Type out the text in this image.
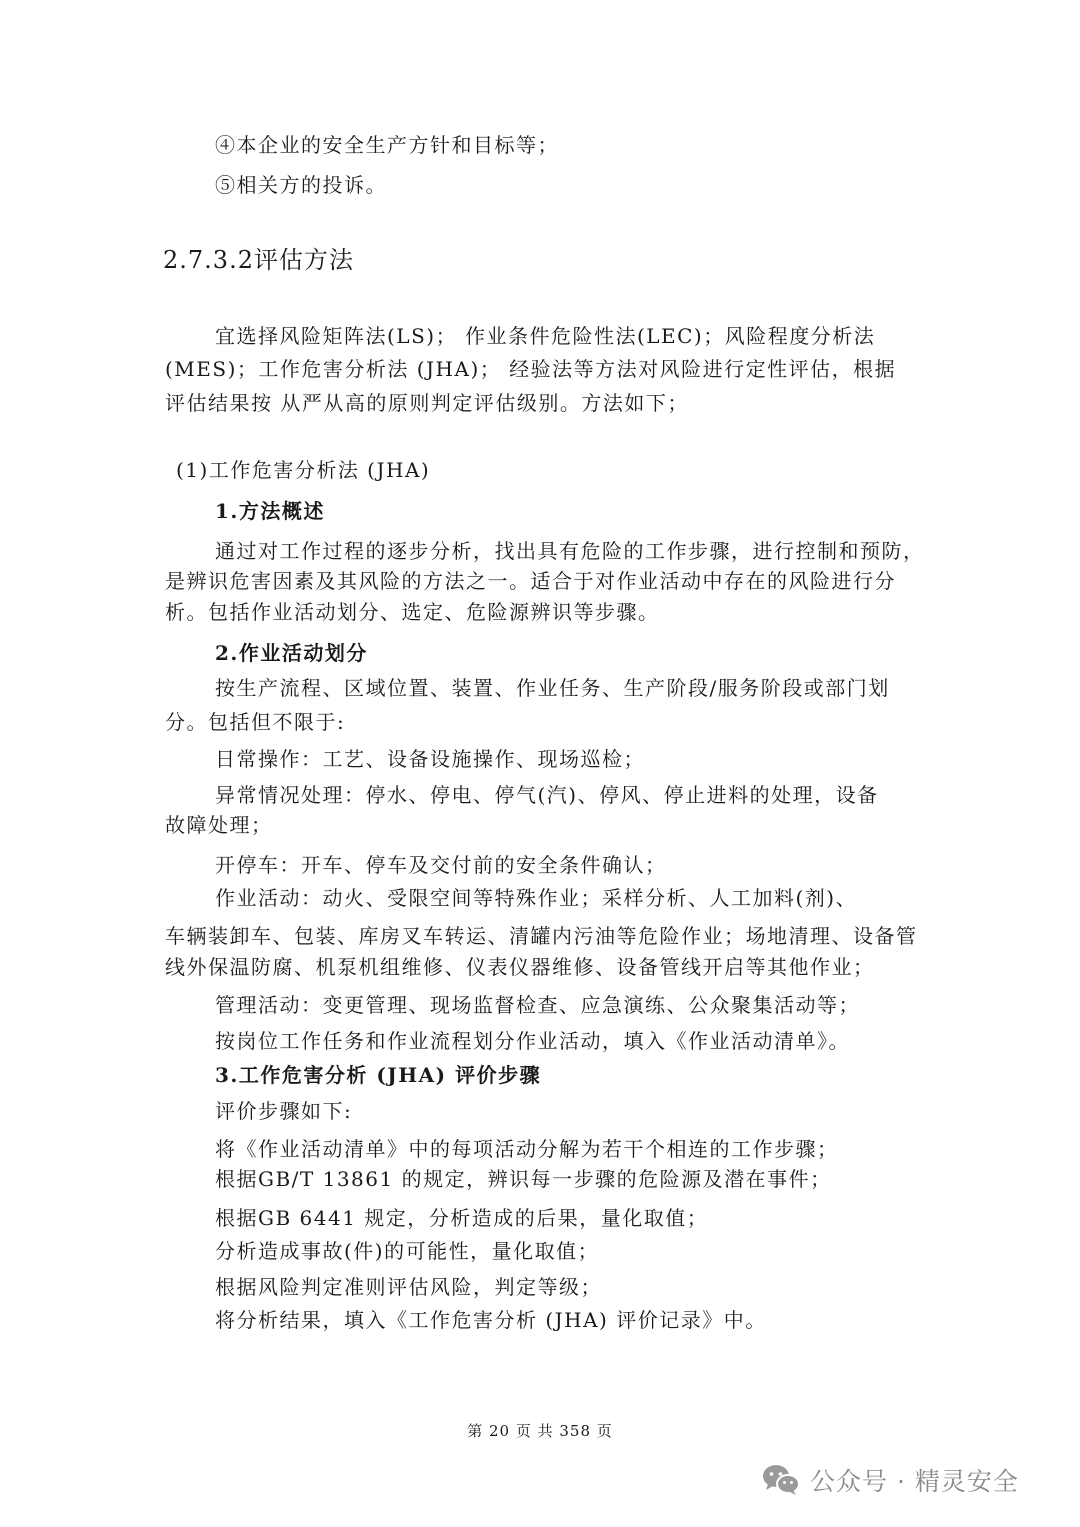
④本企业的安全生产方针和目标等；
⑤相关方的投诉。
2.7.3.2评估方法
宜选择风险矩阵法(LS)； 作业条件危险性法(LEC)；风险程度分析法
(MES)；工作危害分析法 (JHA)； 经验法等方法对风险进行定性评估，根据
评估结果按 从严从高的原则判定评估级别。方法如下；
(1)工作危害分析法 (JHA)
1.方法概述
通过对工作过程的逐步分析，找出具有危险的工作步骤，进行控制和预防，
是辨识危害因素及其风险的方法之一。适合于对作业活动中存在的风险进行分
析。包括作业活动划分、选定、危险源辨识等步骤。
2.作业活动划分
按生产流程、区域位置、装置、作业任务、生产阶段/服务阶段或部门划
分。包括但不限于:
日常操作：工艺、设备设施操作、现场巡检；
异常情况处理：停水、停电、停气(汽)、停风、停止进料的处理，设备
故障处理；
开停车：开车、停车及交付前的安全条件确认；
作业活动：动火、受限空间等特殊作业；采样分析、人工加料(剂)、
车辆装卸车、包装、库房叉车转运、清罐内污油等危险作业；场地清理、设备管
线外保温防腐、机泵机组维修、仪表仪器维修、设备管线开启等其他作业；
管理活动：变更管理、现场监督检查、应急演练、公众聚集活动等；
按岗位工作任务和作业流程划分作业活动，填入《作业活动清单》。
3.工作危害分析 (JHA) 评价步骤
评价步骤如下:
将《作业活动清单》中的每项活动分解为若干个相连的工作步骤；
根据GB/T 13861 的规定，辨识每一步骤的危险源及潜在事件；
根据GB 6441 规定，分析造成的后果，量化取值；
分析造成事故(件)的可能性，量化取值；
根据风险判定准则评估风险，判定等级；
将分析结果，填入《工作危害分析 (JHA) 评价记录》中。
第 20 页 共 358 页
公众号 · 精灵安全
